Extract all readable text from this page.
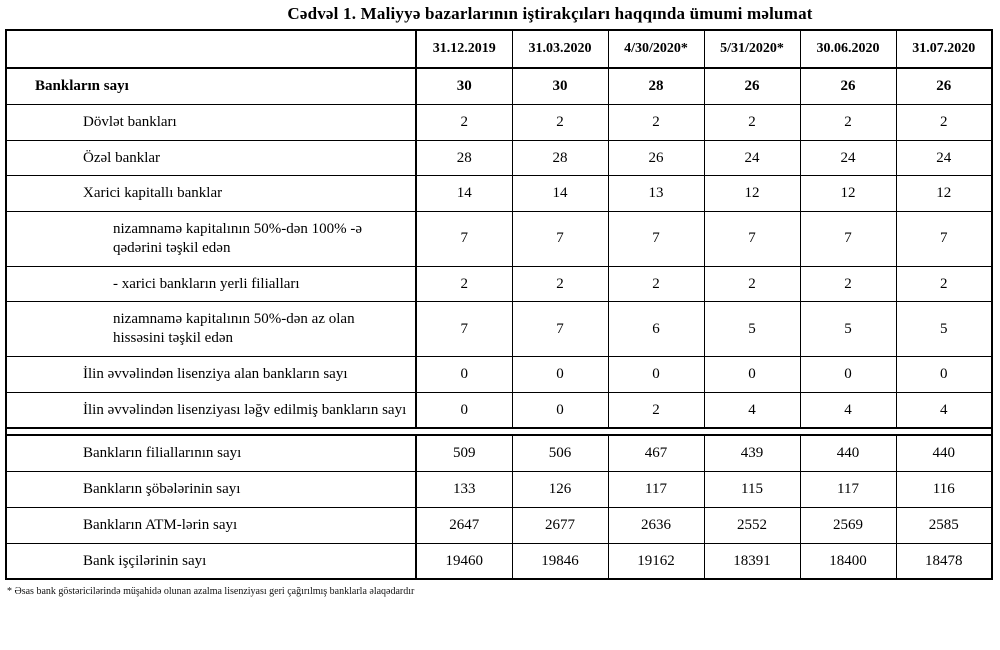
Cədvəl 1. Maliyyə bazarlarının iştirakçıları haqqında ümumi məlumat
	31.12.2019	31.03.2020	4/30/2020*	5/31/2020*	30.06.2020	31.07.2020
Bankların sayı	30	30	28	26	26	26
Dövlət bankları	2	2	2	2	2	2
Özəl banklar	28	28	26	24	24	24
Xarici kapitallı banklar	14	14	13	12	12	12
nizamnamə kapitalının 50%-dən 100% -ə qədərini təşkil edən	7	7	7	7	7	7
- xarici bankların yerli filialları	2	2	2	2	2	2
nizamnamə kapitalının 50%-dən az olan hissəsini təşkil edən	7	7	6	5	5	5
İlin əvvəlindən lisenziya alan bankların sayı	0	0	0	0	0	0
İlin əvvəlindən lisenziyası ləğv edilmiş bankların sayı	0	0	2	4	4	4

Bankların filiallarının sayı	509	506	467	439	440	440
Bankların şöbələrinin sayı	133	126	117	115	117	116
Bankların ATM-lərin sayı	2647	2677	2636	2552	2569	2585
Bank işçilərinin sayı	19460	19846	19162	18391	18400	18478
* Əsas bank göstəricilərində müşahidə olunan azalma lisenziyası geri çağırılmış banklarla əlaqədardır
